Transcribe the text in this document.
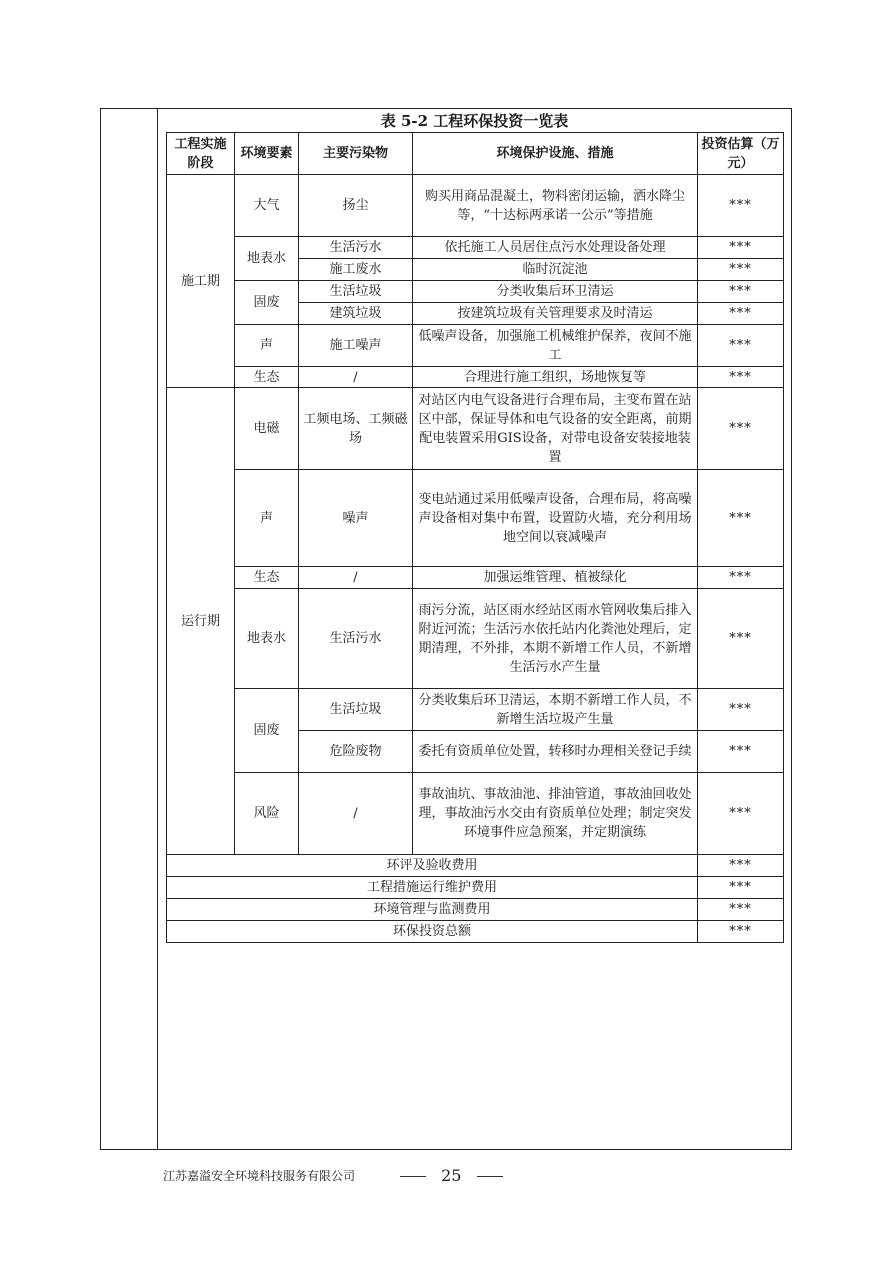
表 5-2 工程环保投资一览表
工程实施阶段	环境要素	主要污染物	环境保护设施、措施	投资估算（万元）
施工期	大气	扬尘	购买用商品混凝土，物料密闭运输，洒水降尘等，“十达标两承诺一公示”等措施	***
	地表水	生活污水	依托施工人员居住点污水处理设备处理	***
		施工废水	临时沉淀池	***
	固废	生活垃圾	分类收集后环卫清运	***
		建筑垃圾	按建筑垃圾有关管理要求及时清运	***
	声	施工噪声	低噪声设备，加强施工机械维护保养，夜间不施工	***
	生态	/	合理进行施工组织，场地恢复等	***
运行期	电磁	工频电场、工频磁场	对站区内电气设备进行合理布局，主变布置在站区中部，保证导体和电气设备的安全距离，前期配电装置采用GIS设备，对带电设备安装接地装置	***
	声	噪声	变电站通过采用低噪声设备，合理布局，将高噪声设备相对集中布置，设置防火墙，充分利用场地空间以衰减噪声	***
	生态	/	加强运维管理、植被绿化	***
	地表水	生活污水	雨污分流，站区雨水经站区雨水管网收集后排入附近河流；生活污水依托站内化粪池处理后，定期清理，不外排，本期不新增工作人员，不新增生活污水产生量	***
	固废	生活垃圾	分类收集后环卫清运，本期不新增工作人员，不新增生活垃圾产生量	***
		危险废物	委托有资质单位处置，转移时办理相关登记手续	***
	风险	/	事故油坑、事故油池、排油管道，事故油回收处理，事故油污水交由有资质单位处理；制定突发环境事件应急预案，并定期演练	***
环评及验收费用				***
工程措施运行维护费用				***
环境管理与监测费用				***
环保投资总额				***
江苏嘉溢安全环境科技服务有限公司	25
